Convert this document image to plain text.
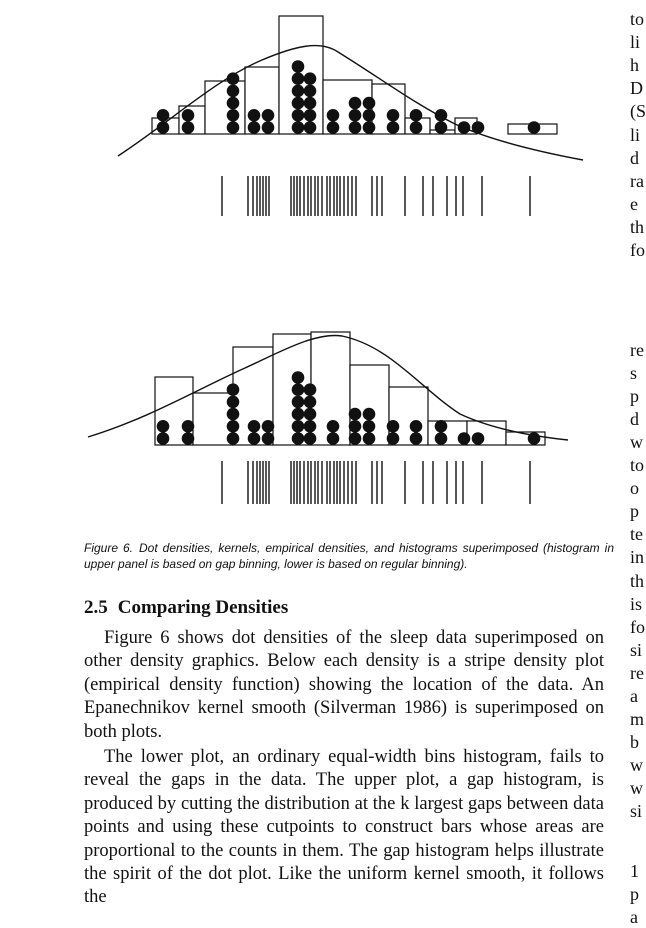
Figure 6. Dot densities, kernels, empirical densities, and histograms superimposed (histogram in upper panel is based on gap binning, lower is based on regular binning).

2.5 Comparing Densities

Figure 6 shows dot densities of the sleep data superimposed on other density graphics. Below each density is a stripe density plot (empirical density function) showing the location of the data. An Epanechnikov kernel smooth (Silverman 1986) is superimposed on both plots.

The lower plot, an ordinary equal-width bins histogram, fails to reveal the gaps in the data. The upper plot, a gap histogram, is produced by cutting the distribution at the k largest gaps between data points and using these cutpoints to construct bars whose areas are proportional to the counts in them. The gap histogram helps illustrate the spirit of the dot plot. Like the uniform kernel smooth, it follows the

to
li
h
D
(S
li
d
ra
e
th
fo
re
s
p
d
w
to
o
p
te
in
th
is
fo
si
re
a
m
b
w
w
si
1
p
a
